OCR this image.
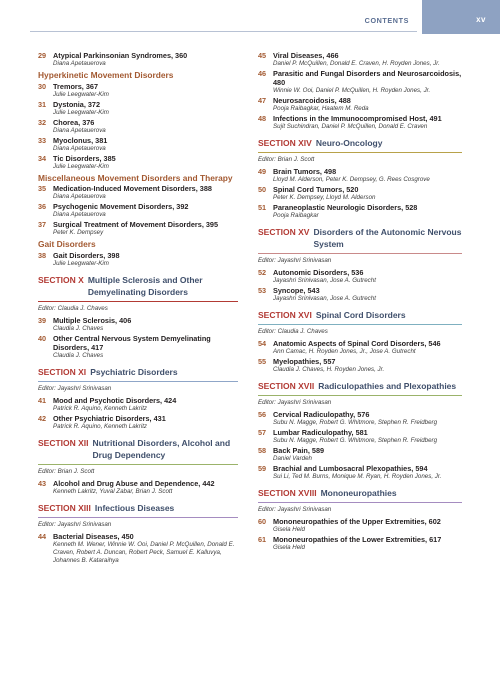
CONTENTS	xv
29 Atypical Parkinsonian Syndromes, 360
Diana Apetauerova
Hyperkinetic Movement Disorders
30 Tremors, 367
Julie Leegwater-Kim
31 Dystonia, 372
Julie Leegwater-Kim
32 Chorea, 376
Diana Apetauerova
33 Myoclonus, 381
Diana Apetauerova
34 Tic Disorders, 385
Julie Leegwater-Kim
Miscellaneous Movement Disorders and Therapy
35 Medication-Induced Movement Disorders, 388
Diana Apetauerova
36 Psychogenic Movement Disorders, 392
Diana Apetauerova
37 Surgical Treatment of Movement Disorders, 395
Peter K. Dempsey
Gait Disorders
38 Gait Disorders, 398
Julie Leegwater-Kim
SECTION X Multiple Sclerosis and Other Demyelinating Disorders
Editor: Claudia J. Chaves
39 Multiple Sclerosis, 406
Claudia J. Chaves
40 Other Central Nervous System Demyelinating Disorders, 417
Claudia J. Chaves
SECTION XI Psychiatric Disorders
Editor: Jayashri Srinivasan
41 Mood and Psychotic Disorders, 424
Patrick R. Aquino, Kenneth Lakritz
42 Other Psychiatric Disorders, 431
Patrick R. Aquino, Kenneth Lakritz
SECTION XII Nutritional Disorders, Alcohol and Drug Dependency
Editor: Brian J. Scott
43 Alcohol and Drug Abuse and Dependence, 442
Kenneth Lakritz, Yuval Zabar, Brian J. Scott
SECTION XIII Infectious Diseases
Editor: Jayashri Srinivasan
44 Bacterial Diseases, 450
Kenneth M. Wener, Winnie W. Ooi, Daniel P. McQuillen, Donald E. Craven, Robert A. Duncan, Robert Peck, Samuel E. Kalluvya, Johannes B. Kataraihya
45 Viral Diseases, 466
Daniel P. McQuillen, Donald E. Craven, H. Royden Jones, Jr.
46 Parasitic and Fungal Disorders and Neurosarcoidosis, 480
Winnie W. Ooi, Daniel P. McQuillen, H. Royden Jones, Jr.
47 Neurosarcoidosis, 488
Pooja Raibagkar, Haatem M. Reda
48 Infections in the Immunocompromised Host, 491
Sujit Suchindran, Daniel P. McQuillen, Donald E. Craven
SECTION XIV Neuro-Oncology
Editor: Brian J. Scott
49 Brain Tumors, 498
Lloyd M. Alderson, Peter K. Dempsey, G. Rees Cosgrove
50 Spinal Cord Tumors, 520
Peter K. Dempsey, Lloyd M. Alderson
51 Paraneoplastic Neurologic Disorders, 528
Pooja Raibagkar
SECTION XV Disorders of the Autonomic Nervous System
Editor: Jayashri Srinivasan
52 Autonomic Disorders, 536
Jayashri Srinivasan, Jose A. Gutrecht
53 Syncope, 543
Jayashri Srinivasan, Jose A. Gutrecht
SECTION XVI Spinal Cord Disorders
Editor: Claudia J. Chaves
54 Anatomic Aspects of Spinal Cord Disorders, 546
Ann Camac, H. Royden Jones, Jr., Jose A. Gutrecht
55 Myelopathies, 557
Claudia J. Chaves, H. Royden Jones, Jr.
SECTION XVII Radiculopathies and Plexopathies
Editor: Jayashri Srinivasan
56 Cervical Radiculopathy, 576
Subu N. Magge, Robert G. Whitmore, Stephen R. Freidberg
57 Lumbar Radiculopathy, 581
Subu N. Magge, Robert G. Whitmore, Stephen R. Freidberg
58 Back Pain, 589
Daniel Vardeh
59 Brachial and Lumbosacral Plexopathies, 594
Sui Li, Ted M. Burns, Monique M. Ryan, H. Royden Jones, Jr.
SECTION XVIII Mononeuropathies
Editor: Jayashri Srinivasan
60 Mononeuropathies of the Upper Extremities, 602
Gisela Held
61 Mononeuropathies of the Lower Extremities, 617
Gisela Held
